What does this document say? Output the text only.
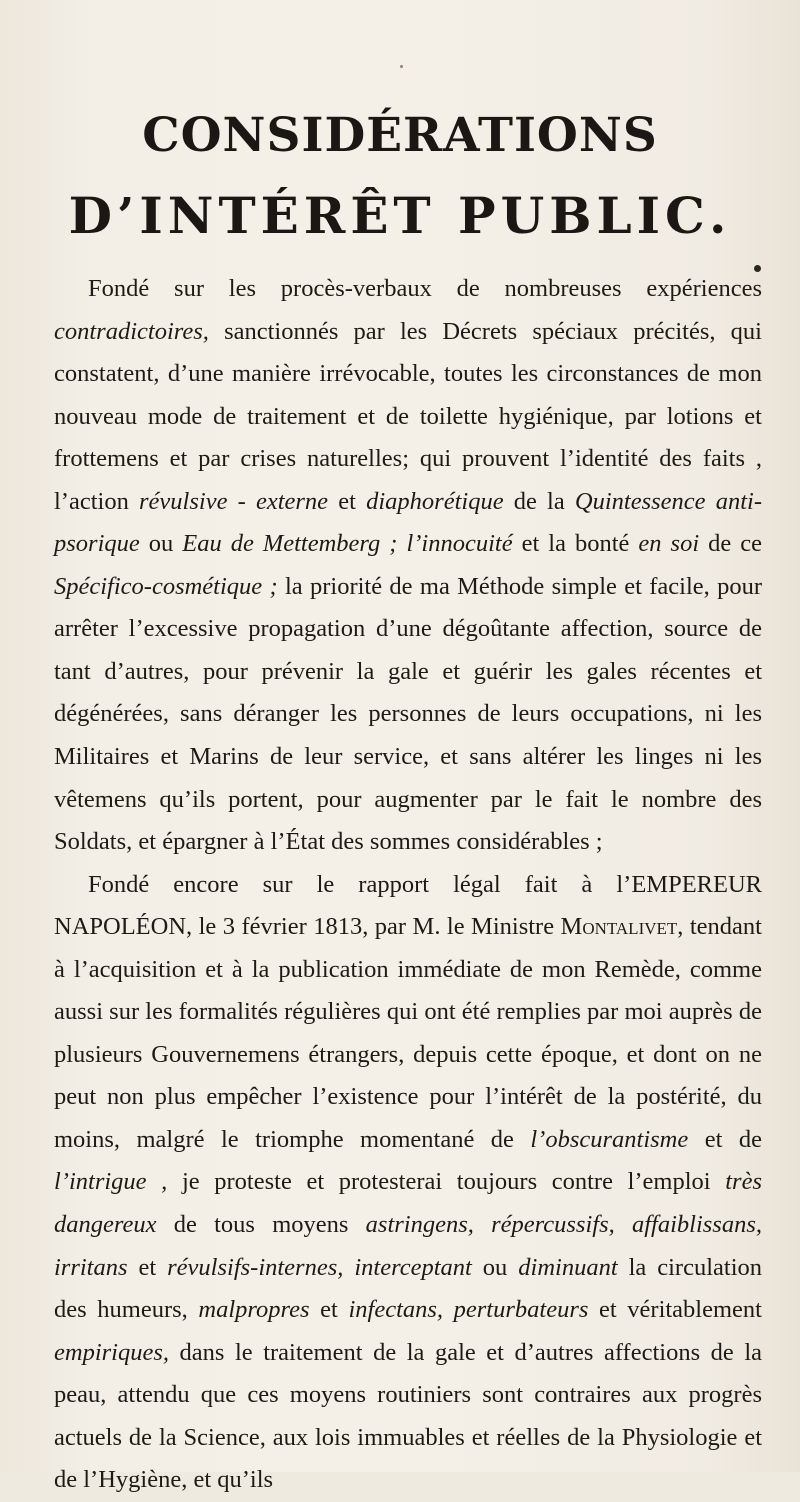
CONSIDÉRATIONS
D’INTÉRÊT PUBLIC.

Fondé sur les procès-verbaux de nombreuses expériences contradictoires, sanctionnés par les Décrets spéciaux précités, qui constatent, d’une manière irrévocable, toutes les circonstances de mon nouveau mode de traitement et de toilette hygiénique, par lotions et frottemens et par crises naturelles; qui prouvent l’identité des faits , l’action révulsive - externe et diaphorétique de la Quintessence anti-psorique ou Eau de Mettemberg ; l’innocuité et la bonté en soi de ce Spécifico-cosmétique ; la priorité de ma Méthode simple et facile, pour arrêter l’excessive propagation d’une dégoûtante affection, source de tant d’autres, pour prévenir la gale et guérir les gales récentes et dégénérées, sans déranger les personnes de leurs occupations, ni les Militaires et Marins de leur service, et sans altérer les linges ni les vêtemens qu’ils portent, pour augmenter par le fait le nombre des Soldats, et épargner à l’État des sommes considérables ;

Fondé encore sur le rapport légal fait à l’EMPEREUR NAPOLÉON, le 3 février 1813, par M. le Ministre Montalivet, tendant à l’acquisition et à la publication immédiate de mon Remède, comme aussi sur les formalités régulières qui ont été remplies par moi auprès de plusieurs Gouvernemens étrangers, depuis cette époque, et dont on ne peut non plus empêcher l’existence pour l’intérêt de la postérité, du moins, malgré le triomphe momentané de l’obscurantisme et de l’intrigue , je proteste et protesterai toujours contre l’emploi très dangereux de tous moyens astringens, répercussifs, affaiblissans, irritans et révulsifs-internes, interceptant ou diminuant la circulation des humeurs, malpropres et infectans, perturbateurs et véritablement empiriques, dans le traitement de la gale et d’autres affections de la peau, attendu que ces moyens routiniers sont contraires aux progrès actuels de la Science, aux lois immuables et réelles de la Physiologie et de l’Hygiène, et qu’ils
